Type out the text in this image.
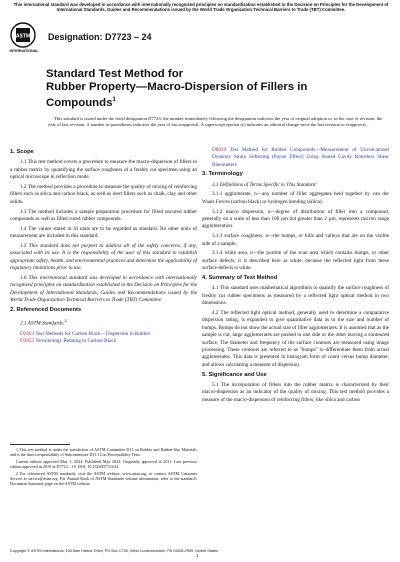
This international standard was developed in accordance with internationally recognized principles on standardization established in the Decision on Principles for the Development of International Standards, Guides and Recommendations issued by the World Trade Organization Technical Barriers to Trade (TBT) Committee.
ASTM
INTERNATIONAL
Designation: D7723 – 24
Standard Test Method for
Rubber Property—Macro-Dispersion of Fillers in
Compounds$^1$
This standard is issued under the fixed designation D7723; the number immediately following the designation indicates the year of original adoption or, in the case of revision, the year of last revision. A number in parentheses indicates the year of last reapproval. A superscript epsilon (ε) indicates an editorial change since the last revision or reapproval.
1. Scope

1.1 This test method covers a procedure to measure the macro-dispersion of fillers in a rubber matrix by quantifying the surface roughness of a freshly cut specimen using an optical microscope in reflection mode.

1.2 The method provides a procedure to measure the quality of mixing of reinforcing fillers such as silica and carbon black, as well as inert fillers such as chalk, clay and other solids.

1.3 The method includes a sample preparation procedure for filled uncured rubber compounds as well as filled cured rubber compounds.

1.4 The values stated in SI units are to be regarded as standard. No other units of measurement are included in this standard.

1.5 This standard does not purport to address all of the safety concerns, if any, associated with its use. It is the responsibility of the user of this standard to establish appropriate safety, health, and environmental practices and determine the applicability of regulatory limitations prior to use.

1.6 This international standard was developed in accordance with internationally recognized principles on standardization established in the Decision on Principles for the Development of International Standards, Guides and Recommendations issued by the World Trade Organization Technical Barriers to Trade (TBT) Committee.

2. Referenced Documents

2.1 ASTM Standards:$^2$

D2663 Test Methods for Carbon Black—Dispersion in Rubber

D3053 Terminology Relating to Carbon Black

1 This test method is under the jurisdiction of ASTM Committee D11 on Rubber and Rubber-like Materials and is the direct responsibility of Subcommittee D11.12 on Processability Tests.

Current edition approved May 1, 2024. Published May 2024. Originally approved in 2011. Last previous edition approved in 2019 as D7723 – 19. DOI: 10.1520/D7723-24.

2 For referenced ASTM standards, visit the ASTM website, www.astm.org, or contact ASTM Customer Service at service@astm.org. For Annual Book of ASTM Standards volume information, refer to the standard's Document Summary page on the ASTM website.

D8059 Test Method for Rubber Compounds—Measurement of Unvulcanized Dynamic Strain Softening (Payne Effect) Using Sealed Cavity Rotorless Shear Rheometers

3. Terminology

3.1 Definitions of Terms Specific to This Standard:

3.1.1 agglomerate, n—any number of filler aggregates held together by van der Waals Forces (carbon black) or hydrogen bonding (silica).

3.1.2 macro dispersion, n—degree of distribution of filler into a compound, generally on a scale of less than 100 µm but greater than 2 µm, represents micron range agglomeration.

3.1.3 surface roughness, n—the bumps, or hills and valleys that are on the visible side of a sample.

3.1.4 white area, n—the portion of the scan area which contains bumps, or other surface defects; it is described here as white, because the reflected light from these surface defects is white.

4. Summary of Test Method

4.1 This standard uses mathematical algorithms to quantify the surface roughness of freshly cut rubber specimens as measured by a reflected light optical method in two dimensions.

4.2 The reflected light optical method, generally used to determine a comparative dispersion rating, is expanded to give quantitative data as to the size and number of bumps. Bumps do not show the actual size of filler agglomerates. It is assumed that as the sample is cut, large agglomerates are pushed to one side or the other leaving a contoured surface. The diameter and frequency of the surface contours are measured using image processing. These contours are referred to as "bumps" to differentiate them from actual agglomerates. This data is presented in histogram form of count versus bump diameter, and allows calculating a measure of dispersion.

5. Significance and Use

5.1 The incorporation of fillers into the rubber matrix is characterized by their macro-dispersion as an indicator of the quality of mixing. This test method provides a measure of the macro-dispersion of reinforcing fillers, like silica and carbon

Copyright © ASTM International, 100 Barr Harbor Drive, PO Box C700, West Conshohocken, PA 19428-2959. United States
1
